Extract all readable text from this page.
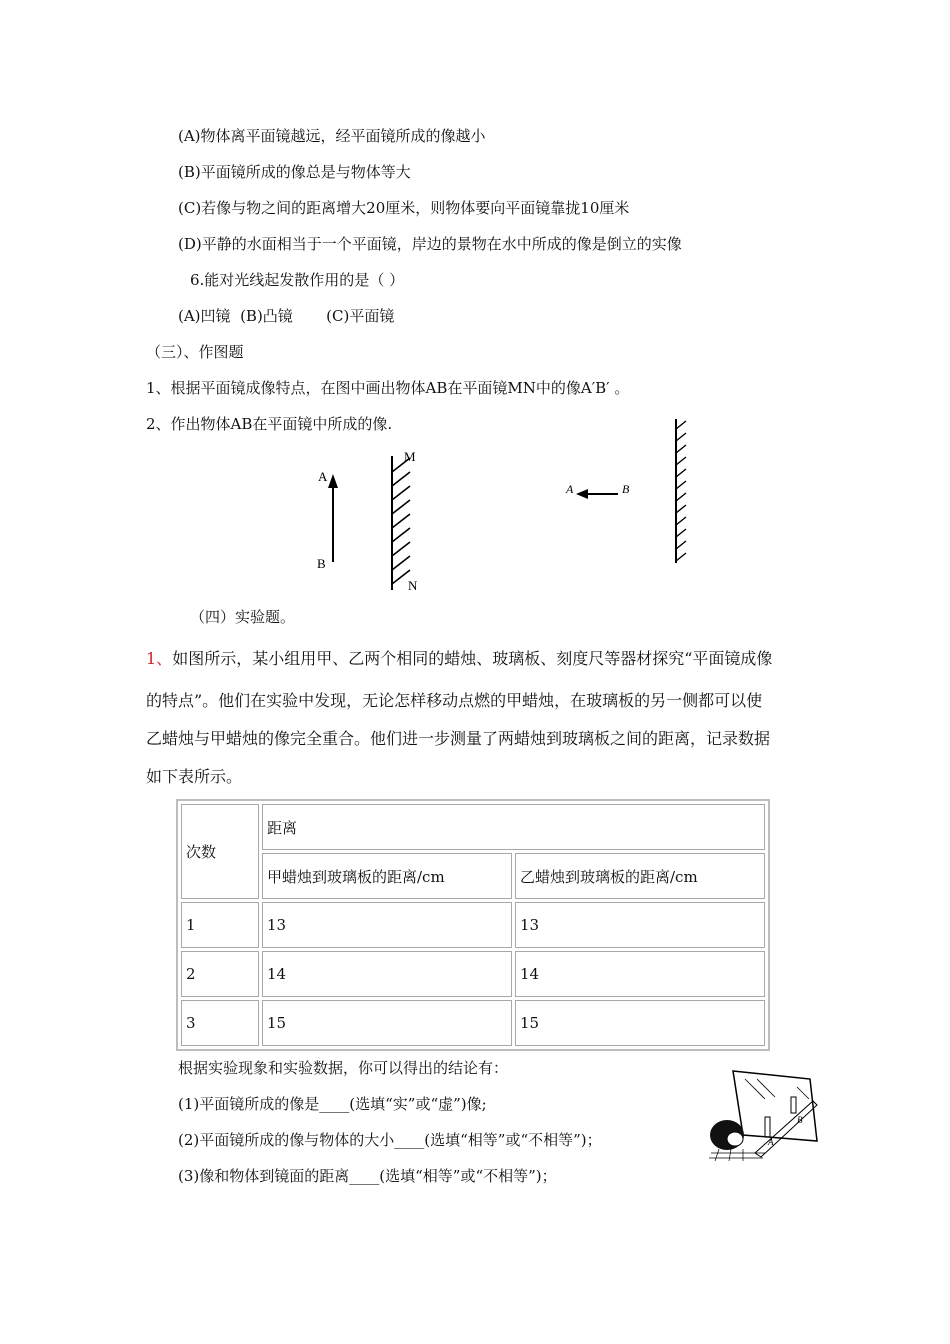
(A)物体离平面镜越远，经平面镜所成的像越小
(B)平面镜所成的像总是与物体等大
(C)若像与物之间的距离增大20厘米，则物体要向平面镜靠拢10厘米
(D)平静的水面相当于一个平面镜，岸边的景物在水中所成的像是倒立的实像
6.能对光线起发散作用的是（ ）
(A)凹镜  (B)凸镜       (C)平面镜
（三）、作图题
1、根据平面镜成像特点，在图中画出物体AB在平面镜MN中的像A′B′ 。
2、作出物体AB在平面镜中所成的像.
A
B
M
N
A	B
（四）实验题。
1、如图所示，某小组用甲、乙两个相同的蜡烛、玻璃板、刻度尺等器材探究“平面镜成像
的特点”。他们在实验中发现，无论怎样移动点燃的甲蜡烛，在玻璃板的另一侧都可以使
乙蜡烛与甲蜡烛的像完全重合。他们进一步测量了两蜡烛到玻璃板之间的距离，记录数据
如下表所示。
次数	距离	
	甲蜡烛到玻璃板的距离/cm	乙蜡烛到玻璃板的距离/cm
1	13	13
2	14	14
3	15	15
根据实验现象和实验数据，你可以得出的结论有：
(1)平面镜所成的像是____(选填“实”或“虚”)像;
(2)平面镜所成的像与物体的大小____(选填“相等”或“不相等”)；
(3)像和物体到镜面的距离____(选填“相等”或“不相等”)；
A
B
